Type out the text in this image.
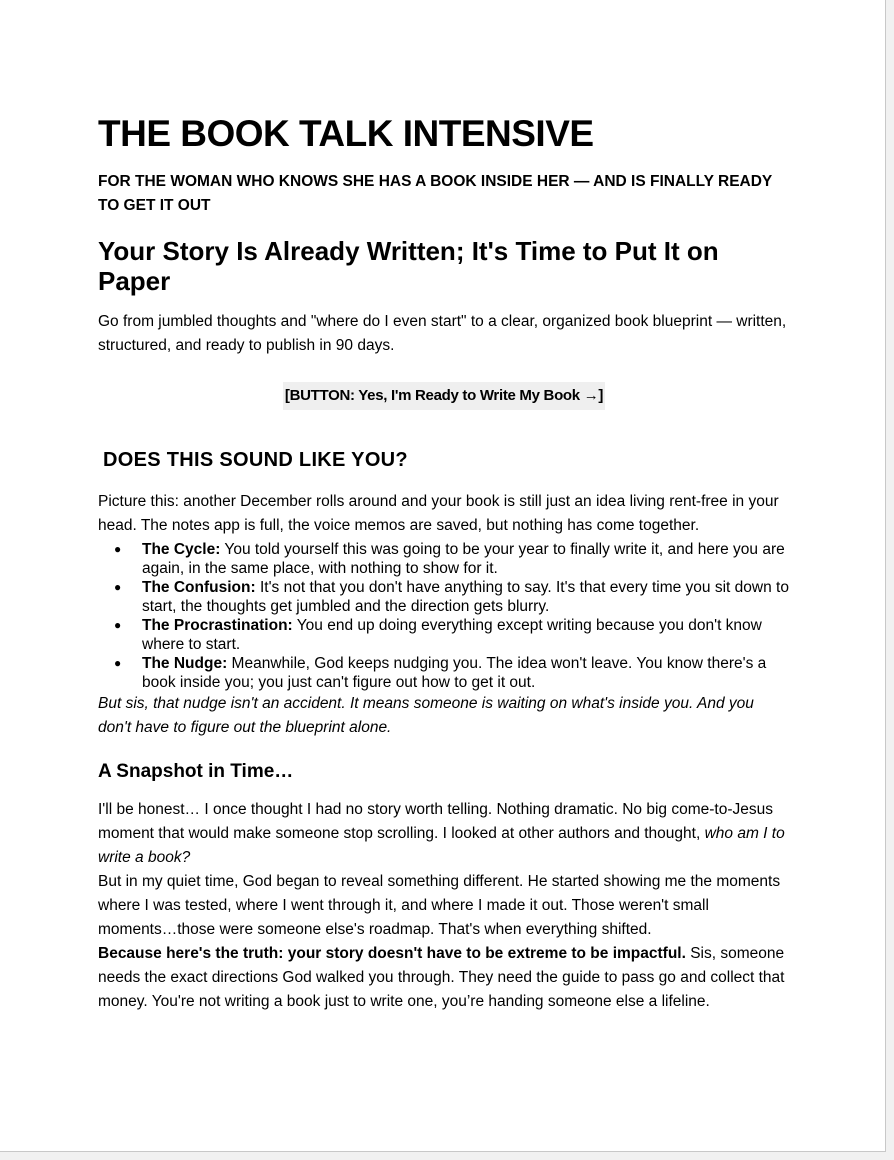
THE BOOK TALK INTENSIVE

FOR THE WOMAN WHO KNOWS SHE HAS A BOOK INSIDE HER — AND IS FINALLY READY TO GET IT OUT

Your Story Is Already Written; It's Time to Put It on Paper

Go from jumbled thoughts and "where do I even start" to a clear, organized book blueprint — written, structured, and ready to publish in 90 days.

[BUTTON: Yes, I'm Ready to Write My Book →]
DOES THIS SOUND LIKE YOU?

Picture this: another December rolls around and your book is still just an idea living rent-free in your head. The notes app is full, the voice memos are saved, but nothing has come together.

● The Cycle: You told yourself this was going to be your year to finally write it, and here you are again, in the same place, with nothing to show for it.
● The Confusion: It's not that you don't have anything to say. It's that every time you sit down to start, the thoughts get jumbled and the direction gets blurry.
● The Procrastination: You end up doing everything except writing because you don't know where to start.
● The Nudge: Meanwhile, God keeps nudging you. The idea won't leave. You know there's a book inside you; you just can't figure out how to get it out.

But sis, that nudge isn't an accident. It means someone is waiting on what's inside you. And you don't have to figure out the blueprint alone.

A Snapshot in Time…

I'll be honest… I once thought I had no story worth telling. Nothing dramatic. No big come-to-Jesus moment that would make someone stop scrolling. I looked at other authors and thought, who am I to write a book?

But in my quiet time, God began to reveal something different. He started showing me the moments where I was tested, where I went through it, and where I made it out. Those weren't small moments…those were someone else's roadmap. That's when everything shifted.

Because here's the truth: your story doesn't have to be extreme to be impactful. Sis, someone needs the exact directions God walked you through. They need the guide to pass go and collect that money. You're not writing a book just to write one, you’re handing someone else a lifeline.
